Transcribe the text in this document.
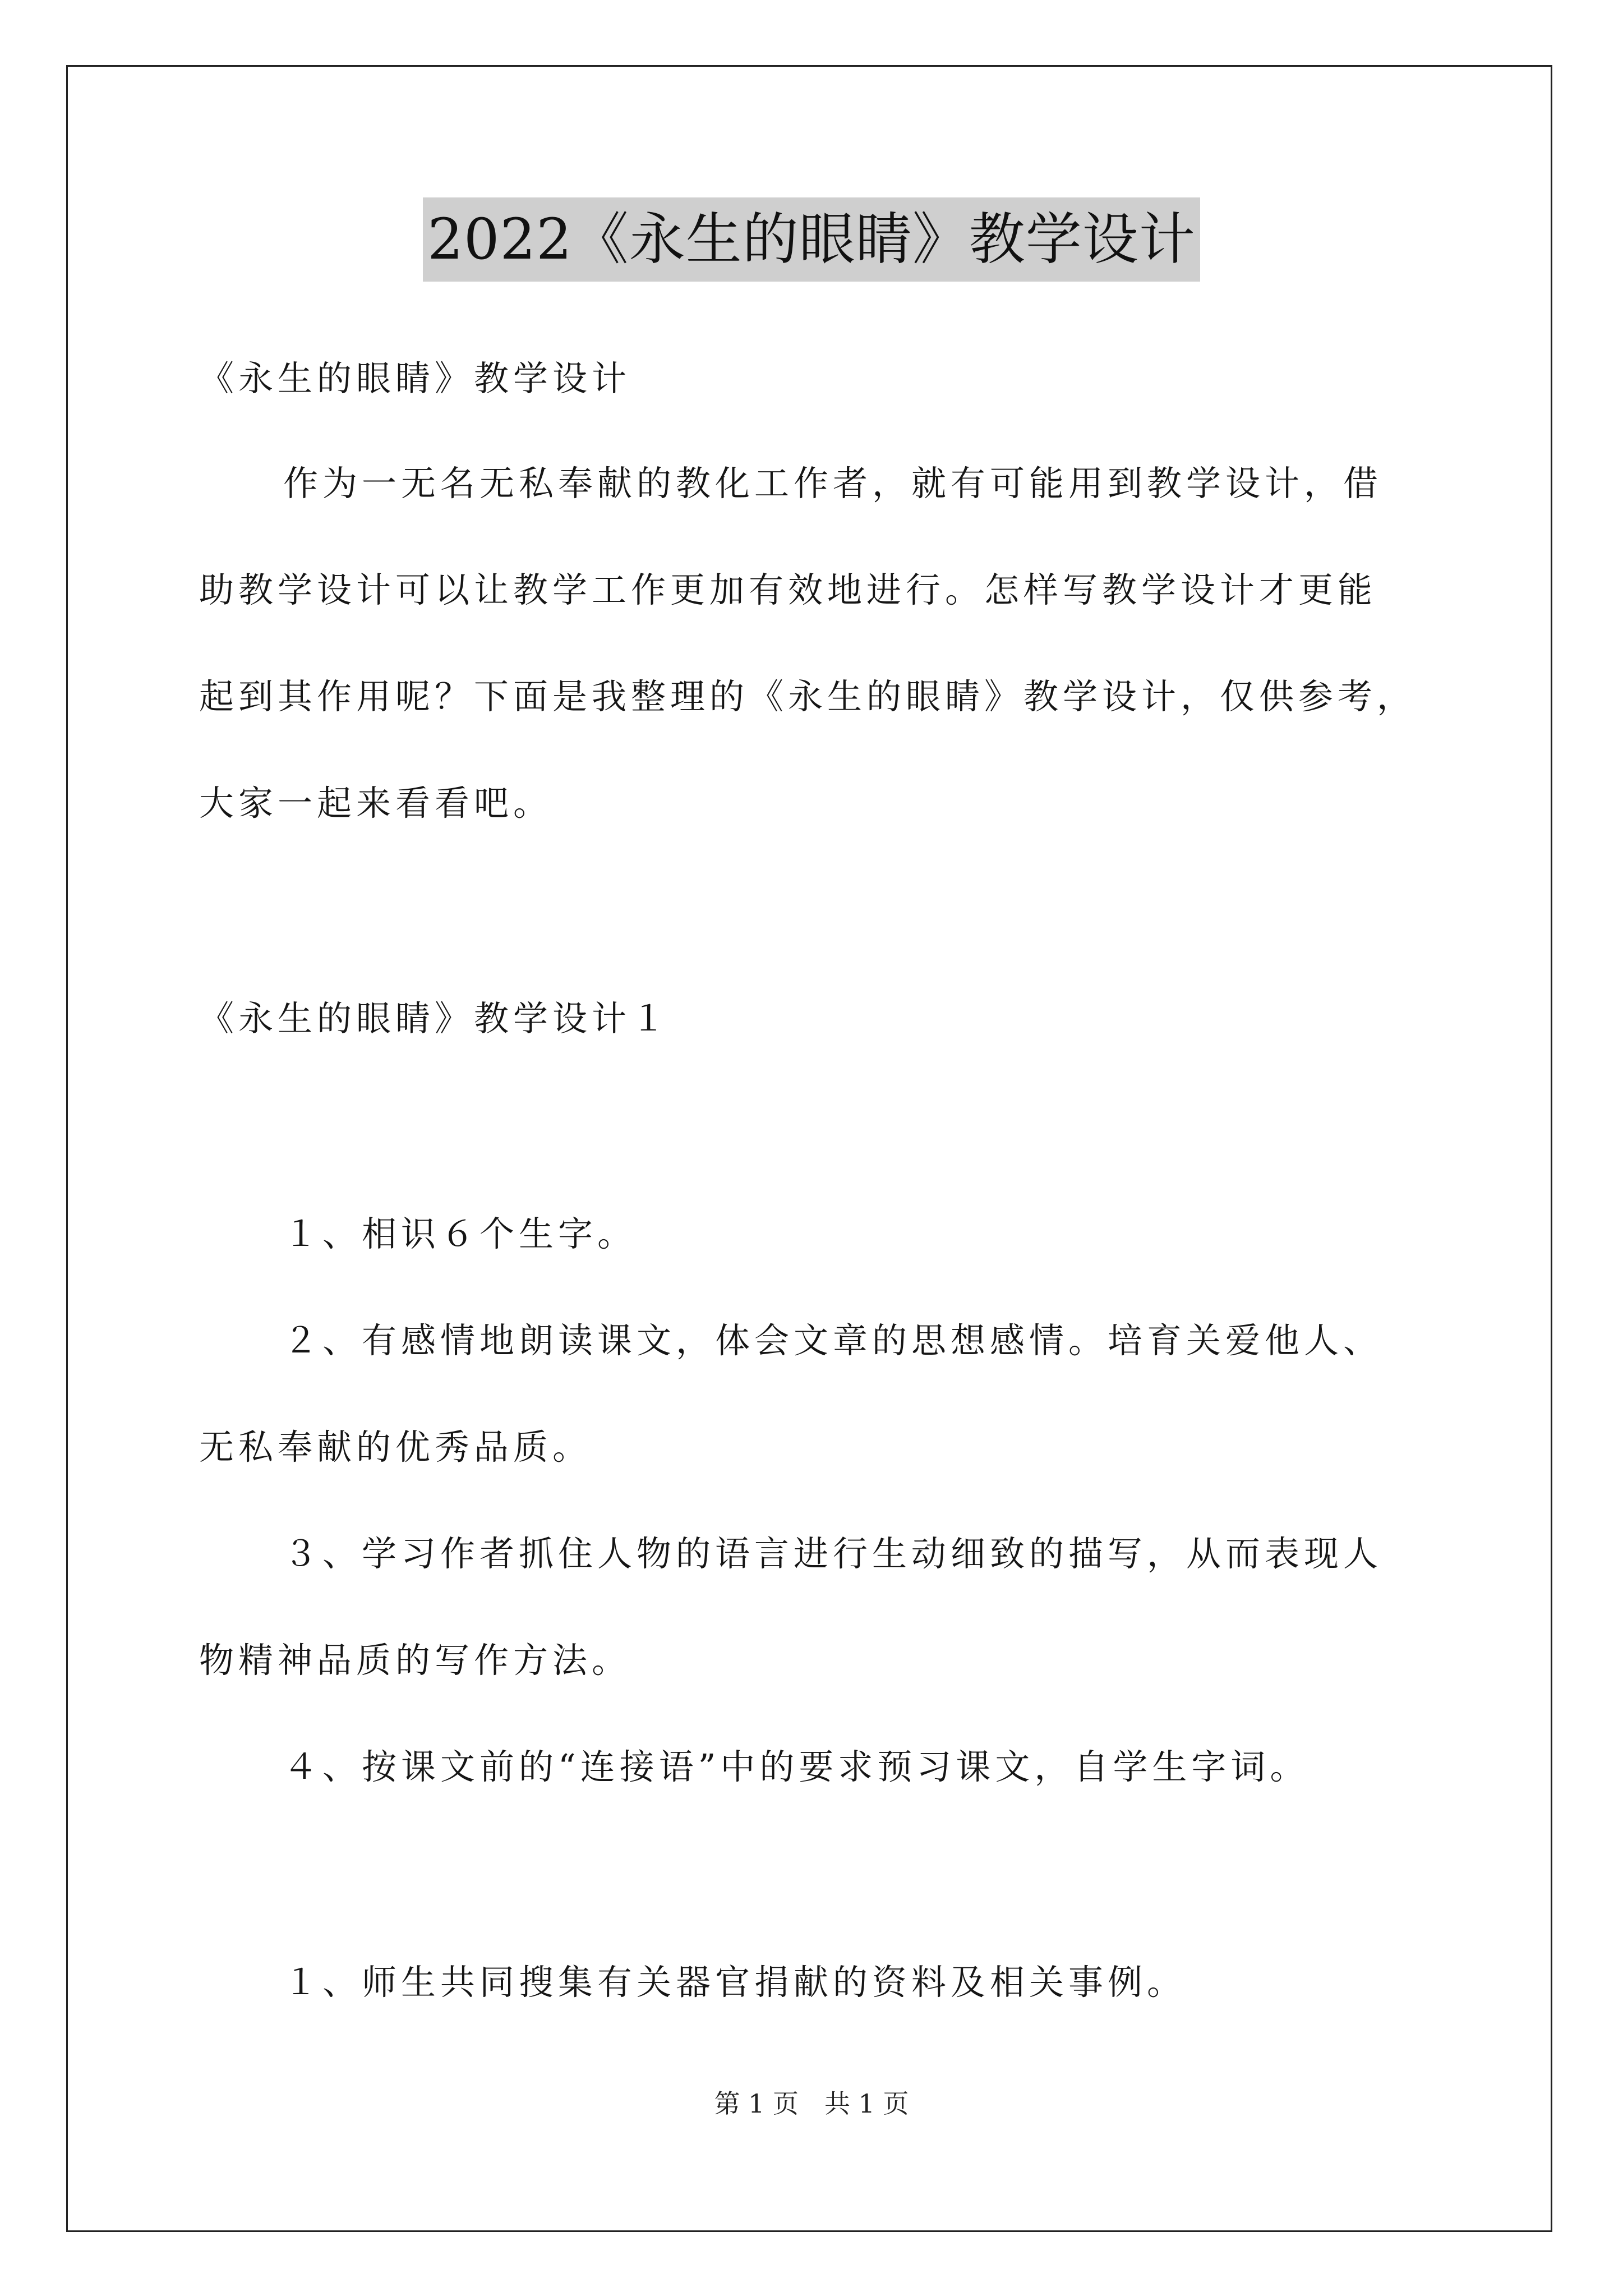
2022《永生的眼睛》教学设计
《永生的眼睛》教学设计
作为一无名无私奉献的教化工作者，就有可能用到教学设计，借
助教学设计可以让教学工作更加有效地进行。怎样写教学设计才更能
起到其作用呢？下面是我整理的《永生的眼睛》教学设计，仅供参考，
大家一起来看看吧。
《永生的眼睛》教学设计１
１、相识６个生字。
２、有感情地朗读课文，体会文章的思想感情。培育关爱他人、
无私奉献的优秀品质。
３、学习作者抓住人物的语言进行生动细致的描写，从而表现人
物精神品质的写作方法。
４、按课文前的“连接语”中的要求预习课文，自学生字词。
１、师生共同搜集有关器官捐献的资料及相关事例。
第 1 页　共 1 页
